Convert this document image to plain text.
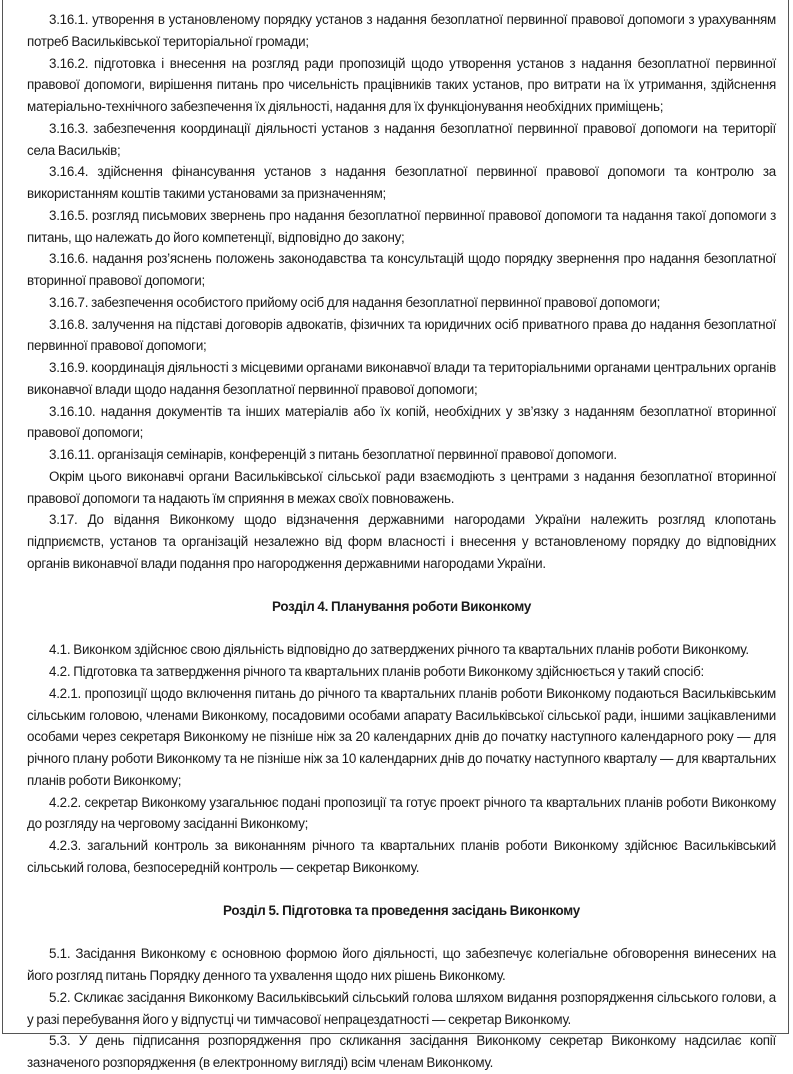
3.16.1. утворення в установленому порядку установ з надання безоплатної первинної правової допомоги з урахуванням потреб Васильківської територіальної громади;

3.16.2. підготовка і внесення на розгляд ради пропозицій щодо утворення установ з надання безоплатної первинної правової допомоги, вирішення питань про чисельність працівників таких установ, про витрати на їх утримання, здійснення матеріально-технічного забезпечення їх діяльності, надання для їх функціонування необхідних приміщень;

3.16.3. забезпечення координації діяльності установ з надання безоплатної первинної правової допомоги на території села Васильків;

3.16.4. здійснення фінансування установ з надання безоплатної первинної правової допомоги та контролю за використанням коштів такими установами за призначенням;

3.16.5. розгляд письмових звернень про надання безоплатної первинної правової допомоги та надання такої допомоги з питань, що належать до його компетенції, відповідно до закону;

3.16.6. надання роз’яснень положень законодавства та консультацій щодо порядку звернення про надання безоплатної вторинної правової допомоги;

3.16.7. забезпечення особистого прийому осіб для надання безоплатної первинної правової допомоги;

3.16.8. залучення на підставі договорів адвокатів, фізичних та юридичних осіб приватного права до надання безоплатної первинної правової допомоги;

3.16.9. координація діяльності з місцевими органами виконавчої влади та територіальними органами центральних органів виконавчої влади щодо надання безоплатної первинної правової допомоги;

3.16.10. надання документів та інших матеріалів або їх копій, необхідних у зв’язку з наданням безоплатної вторинної правової допомоги;

3.16.11. організація семінарів, конференцій з питань безоплатної первинної правової допомоги.

Окрім цього виконавчі органи Васильківської сільської ради взаємодіють з центрами з надання безоплатної вторинної правової допомоги та надають їм сприяння в межах своїх повноважень.

3.17. До відання Виконкому щодо відзначення державними нагородами України належить розгляд клопотань підприємств, установ та організацій незалежно від форм власності і внесення у встановленому порядку до відповідних органів виконавчої влади подання про нагородження державними нагородами України.

Розділ 4. Планування роботи Виконкому

4.1. Виконком здійснює свою діяльність відповідно до затверджених річного та квартальних планів роботи Виконкому.

4.2. Підготовка та затвердження річного та квартальних планів роботи Виконкому здійснюється у такий спосіб:

4.2.1. пропозиції щодо включення питань до річного та квартальних планів роботи Виконкому подаються Васильківським сільським головою, членами Виконкому, посадовими особами апарату Васильківської сільської ради, іншими зацікавленими особами через секретаря Виконкому не пізніше ніж за 20 календарних днів до початку наступного календарного року — для річного плану роботи Виконкому та не пізніше ніж за 10 календарних днів до початку наступного кварталу — для квартальних планів роботи Виконкому;

4.2.2. секретар Виконкому узагальнює подані пропозиції та готує проект річного та квартальних планів роботи Виконкому до розгляду на черговому засіданні Виконкому;

4.2.3. загальний контроль за виконанням річного та квартальних планів роботи Виконкому здійснює Васильківський сільський голова, безпосередній контроль — секретар Виконкому.

Розділ 5. Підготовка та проведення засідань Виконкому

5.1. Засідання Виконкому є основною формою його діяльності, що забезпечує колегіальне обговорення винесених на його розгляд питань Порядку денного та ухвалення щодо них рішень Виконкому.

5.2. Скликає засідання Виконкому Васильківський сільський голова шляхом видання розпорядження сільського голови, а у разі перебування його у відпустці чи тимчасової непрацездатності — секретар Виконкому.

5.3. У день підписання розпорядження про скликання засідання Виконкому секретар Виконкому надсилає копії зазначеного розпорядження (в електронному вигляді) всім членам Виконкому.
